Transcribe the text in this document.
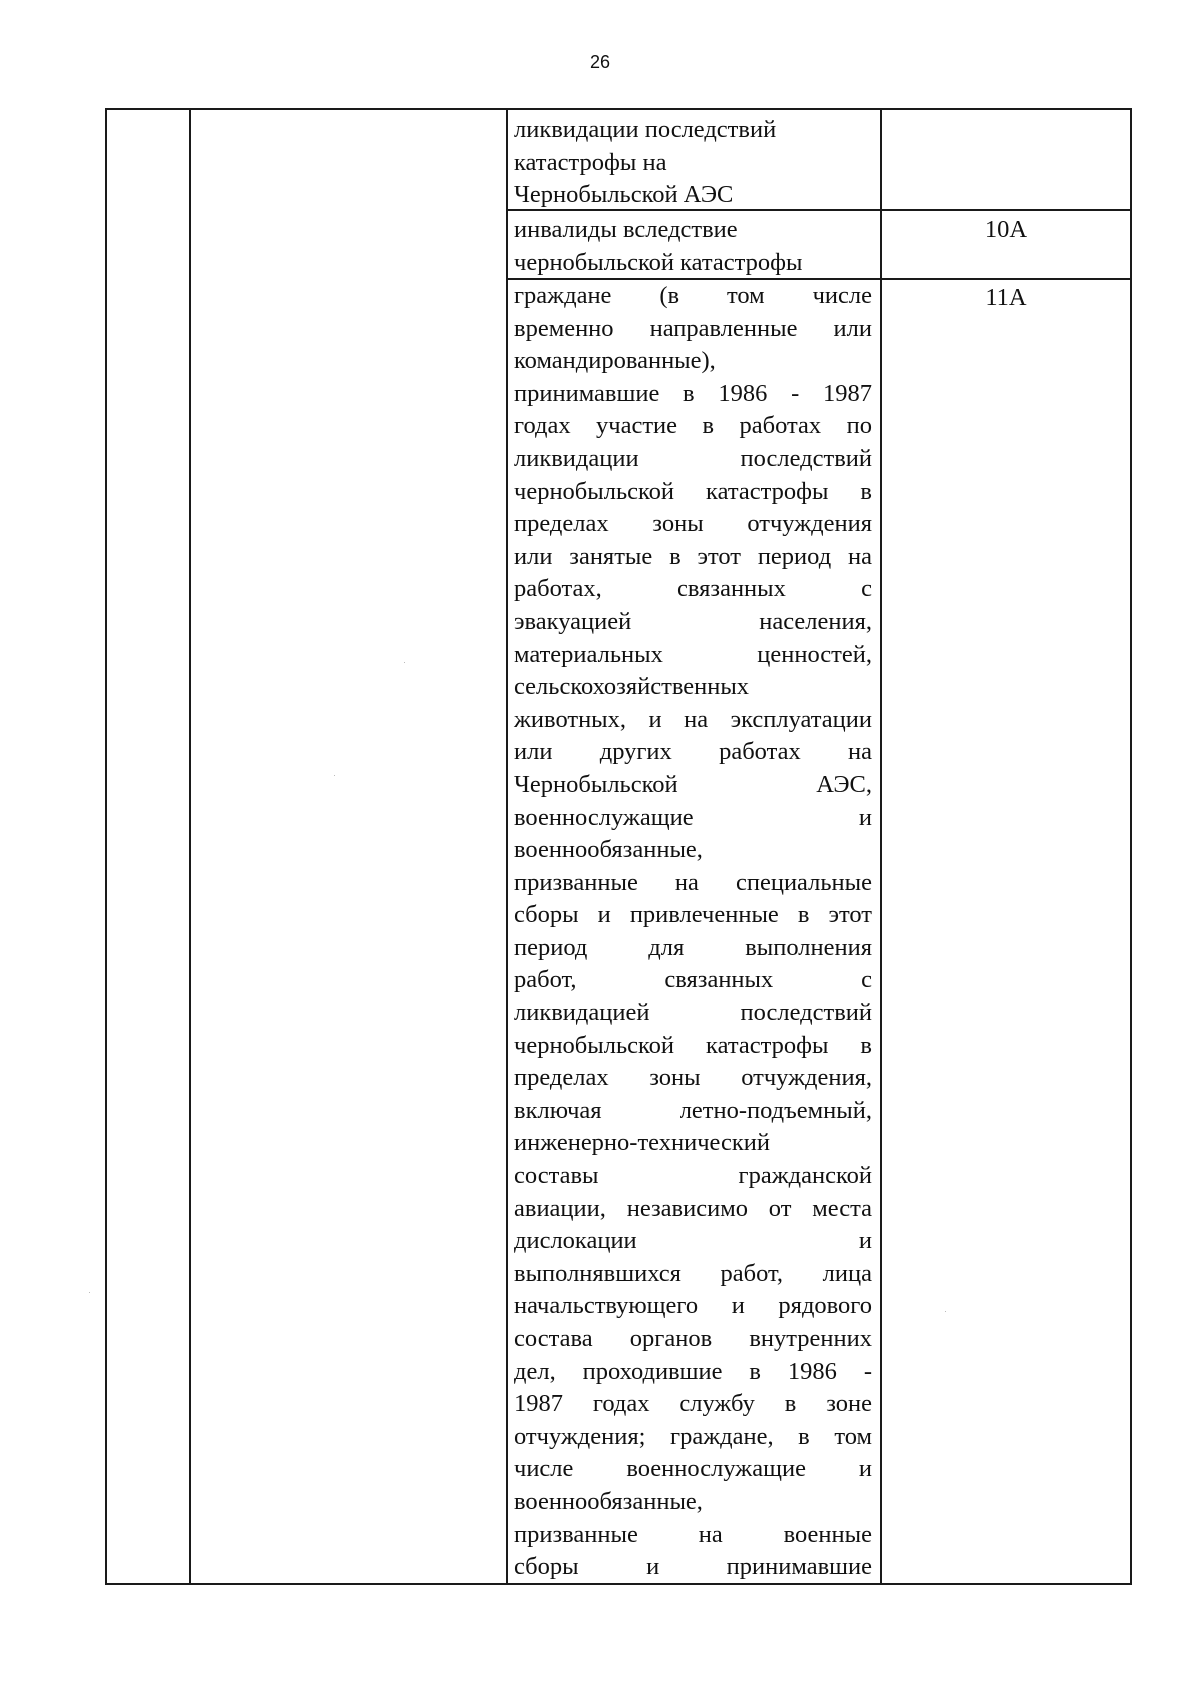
26
ликвидации последствий
катастрофы на
Чернобыльской АЭС
инвалиды вследствие
чернобыльской катастрофы
10А
граждане (в том числе
временно направленные или
командированные),
принимавшие в 1986 - 1987
годах участие в работах по
ликвидации последствий
чернобыльской катастрофы в
пределах зоны отчуждения
или занятые в этот период на
работах, связанных с
эвакуацией населения,
материальных ценностей,
сельскохозяйственных
животных, и на эксплуатации
или других работах на
Чернобыльской АЭС,
военнослужащие и
военнообязанные,
призванные на специальные
сборы и привлеченные в этот
период для выполнения
работ, связанных с
ликвидацией последствий
чернобыльской катастрофы в
пределах зоны отчуждения,
включая летно-подъемный,
инженерно-технический
составы гражданской
авиации, независимо от места
дислокации и
выполнявшихся работ, лица
начальствующего и рядового
состава органов внутренних
дел, проходившие в 1986 -
1987 годах службу в зоне
отчуждения; граждане, в том
числе военнослужащие и
военнообязанные,
призванные на военные
сборы и принимавшие
11А
